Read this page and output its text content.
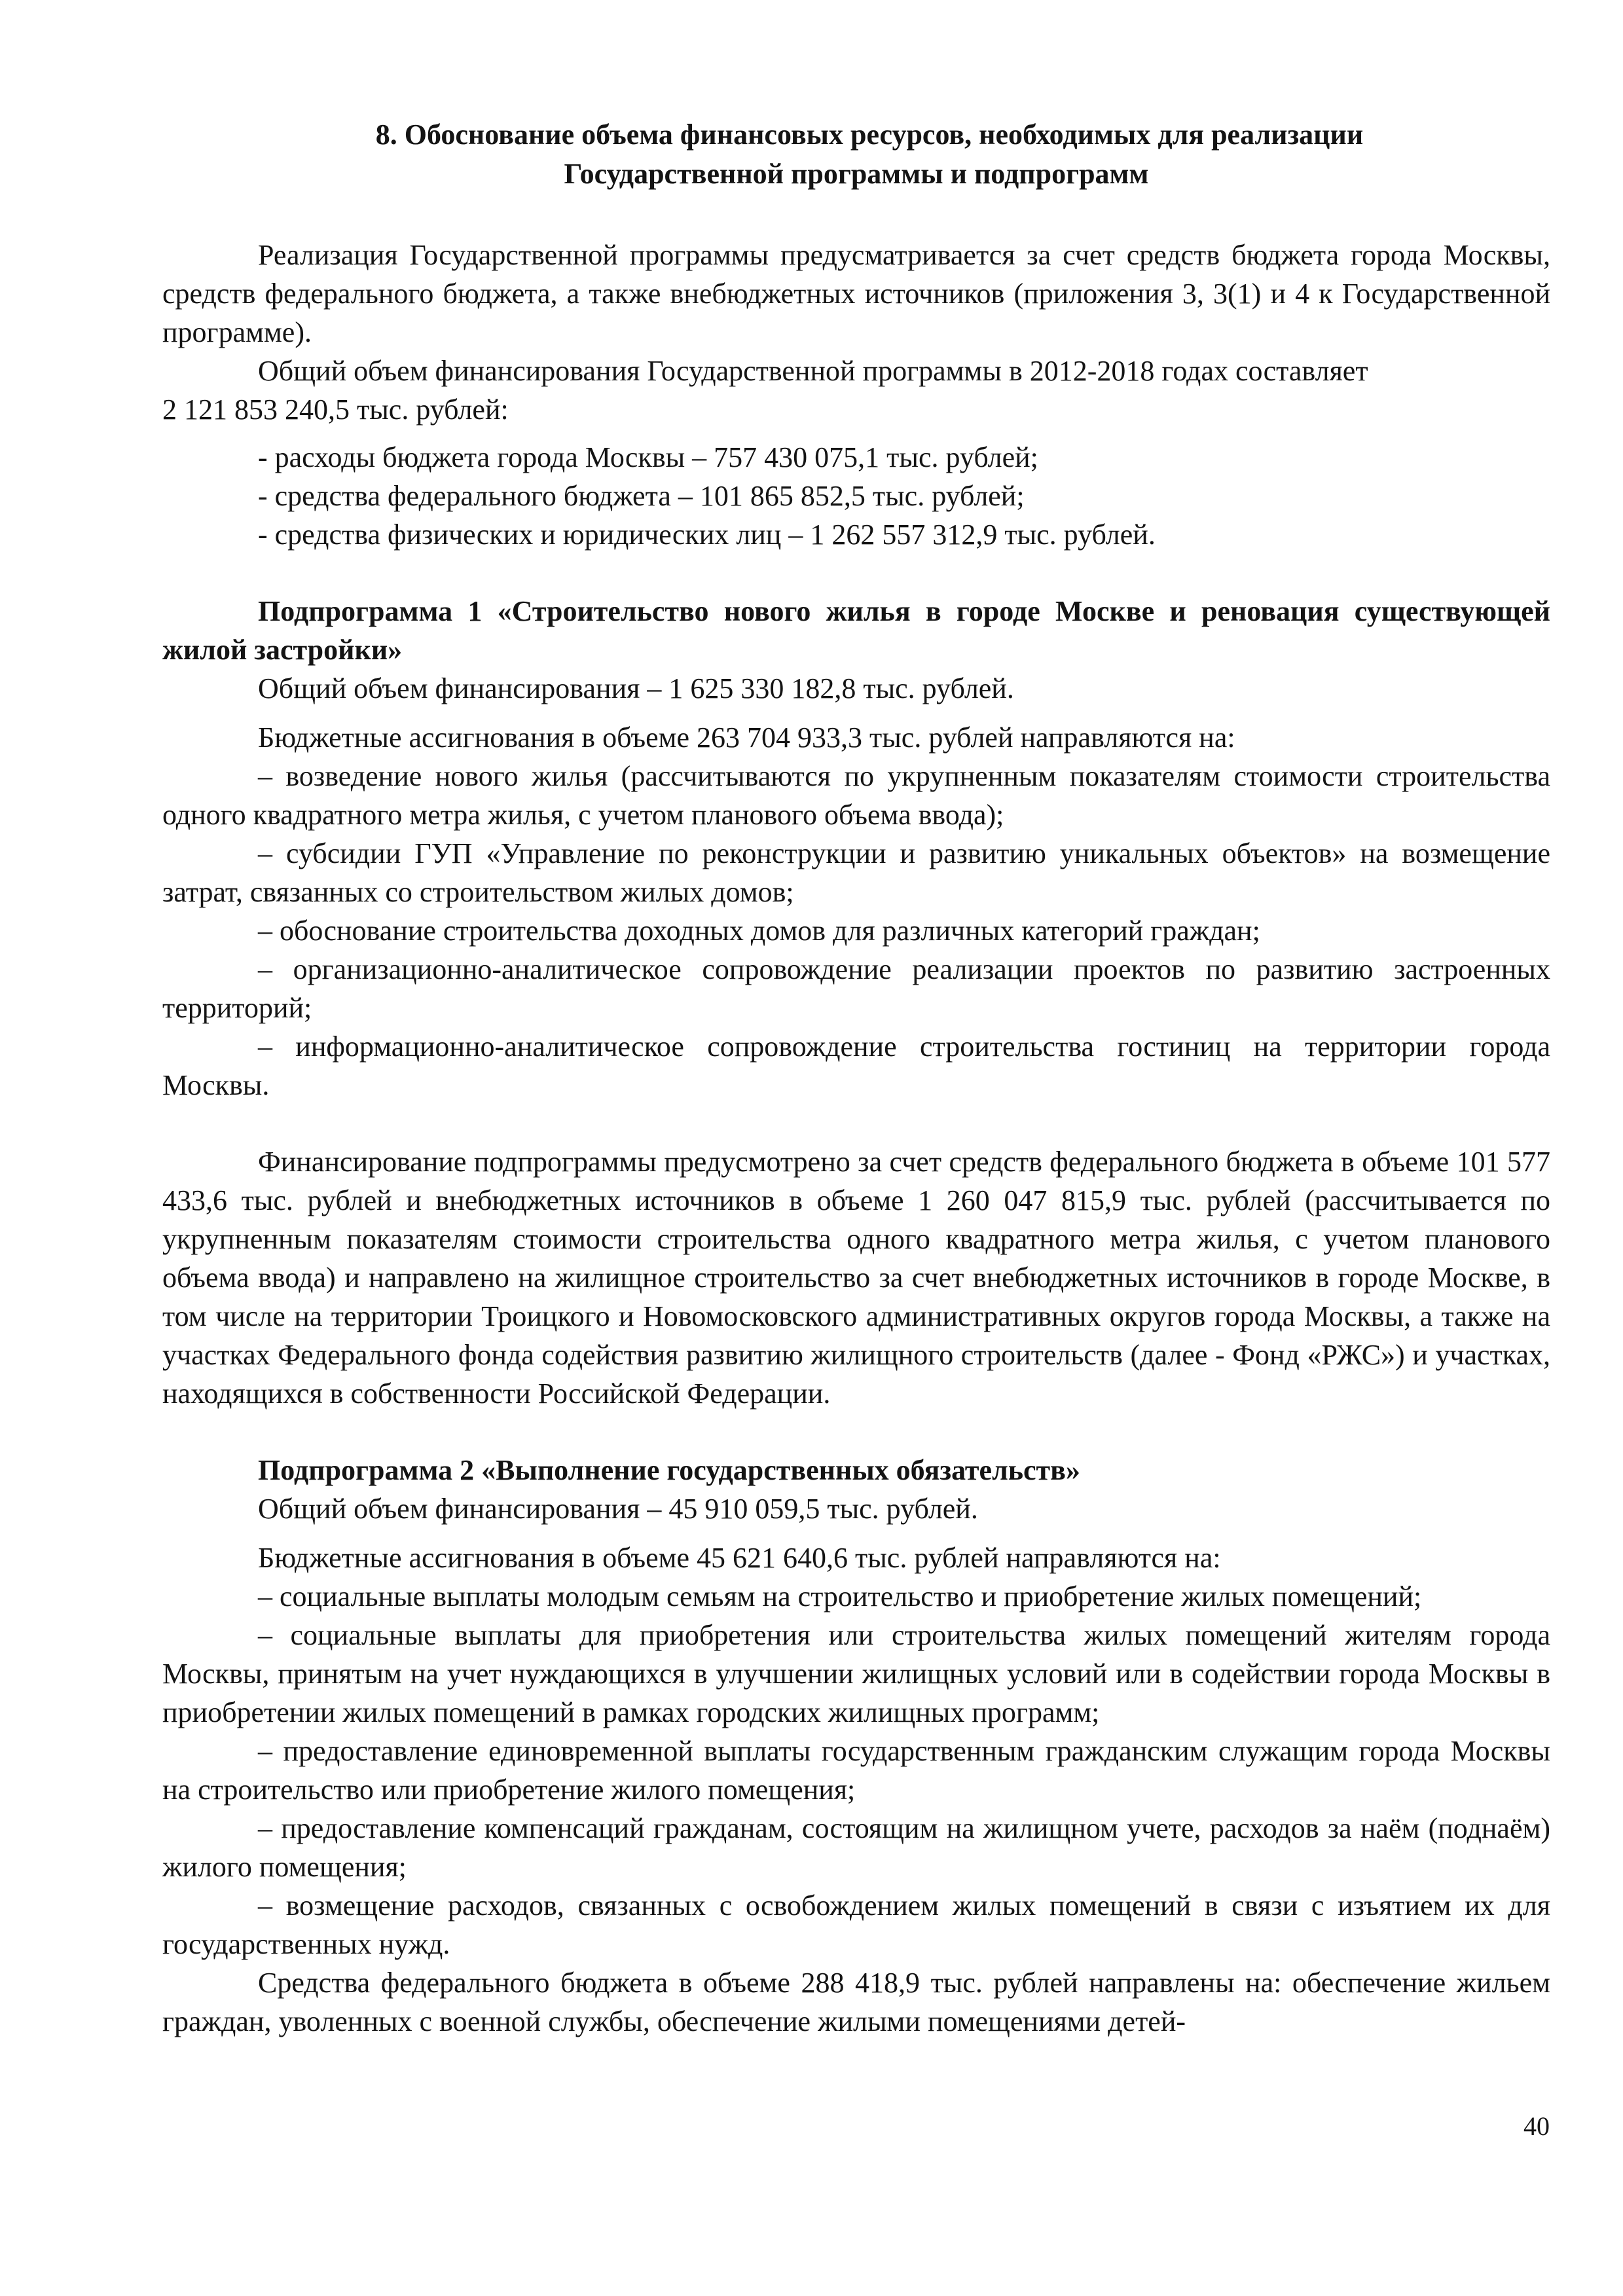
8. Обоснование объема финансовых ресурсов, необходимых для реализации
Государственной программы и подпрограмм

Реализация Государственной программы предусматривается за счет средств бюджета города Москвы, средств федерального бюджета, а также внебюджетных источников (приложения 3, 3(1) и 4 к Государственной программе).

Общий объем финансирования Государственной программы в 2012-2018 годах составляет

2 121 853 240,5 тыс. рублей:

- расходы бюджета города Москвы – 757 430 075,1 тыс. рублей;
- средства федерального бюджета – 101 865 852,5 тыс. рублей;
- средства физических и юридических лиц – 1 262 557 312,9 тыс. рублей.

Подпрограмма 1 «Строительство нового жилья в городе Москве и реновация существующей жилой застройки»

Общий объем финансирования – 1 625 330 182,8 тыс. рублей.

Бюджетные ассигнования в объеме 263 704 933,3 тыс. рублей направляются на:

– возведение нового жилья (рассчитываются по укрупненным показателям стоимости строительства одного квадратного метра жилья, с учетом планового объема ввода);
– субсидии ГУП «Управление по реконструкции и развитию уникальных объектов» на возмещение затрат, связанных со строительством жилых домов;
– обоснование строительства доходных домов для различных категорий граждан;
– организационно-аналитическое сопровождение реализации проектов по развитию застроенных территорий;
– информационно-аналитическое сопровождение строительства гостиниц на территории города Москвы.

Финансирование подпрограммы предусмотрено за счет средств федерального бюджета в объеме 101 577 433,6 тыс. рублей и внебюджетных источников в объеме 1 260 047 815,9 тыс. рублей (рассчитывается по укрупненным показателям стоимости строительства одного квадратного метра жилья, с учетом планового объема ввода) и направлено на жилищное строительство за счет внебюджетных источников в городе Москве, в том числе на территории Троицкого и Новомосковского административных округов города Москвы, а также на участках Федерального фонда содействия развитию жилищного строительств (далее - Фонд «РЖС») и участках, находящихся в собственности Российской Федерации.

Подпрограмма 2 «Выполнение государственных обязательств»

Общий объем финансирования – 45 910 059,5 тыс. рублей.

Бюджетные ассигнования в объеме 45 621 640,6 тыс. рублей направляются на:

– социальные выплаты молодым семьям на строительство и приобретение жилых помещений;
– социальные выплаты для приобретения или строительства жилых помещений жителям города Москвы, принятым на учет нуждающихся в улучшении жилищных условий или в содействии города Москвы в приобретении жилых помещений в рамках городских жилищных программ;
– предоставление единовременной выплаты государственным гражданским служащим города Москвы на строительство или приобретение жилого помещения;
– предоставление компенсаций гражданам, состоящим на жилищном учете, расходов за наём (поднаём) жилого помещения;
– возмещение расходов, связанных с освобождением жилых помещений в связи с изъятием их для государственных нужд.

Средства федерального бюджета в объеме 288 418,9 тыс. рублей направлены на: обеспечение жильем граждан, уволенных с военной службы, обеспечение жилыми помещениями детей-

40
